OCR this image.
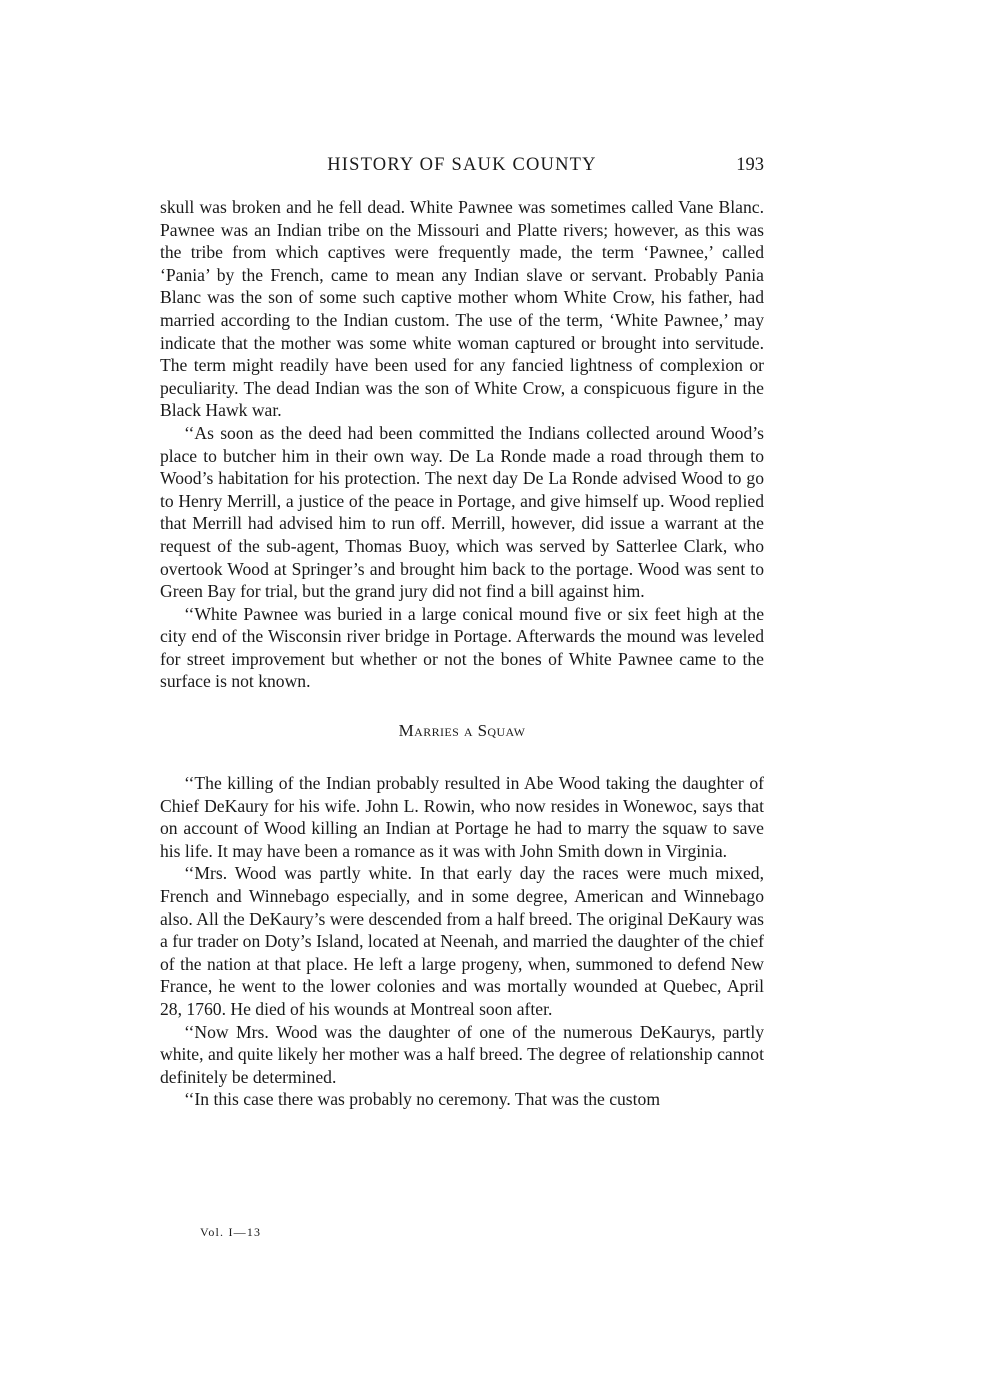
HISTORY OF SAUK COUNTY	193

skull was broken and he fell dead. White Pawnee was sometimes called Vane Blanc. Pawnee was an Indian tribe on the Missouri and Platte rivers; however, as this was the tribe from which captives were frequently made, the term ‘Pawnee,’ called ‘Pania’ by the French, came to mean any Indian slave or servant. Probably Pania Blanc was the son of some such captive mother whom White Crow, his father, had married according to the Indian custom. The use of the term, ‘White Pawnee,’ may indicate that the mother was some white woman captured or brought into servitude. The term might readily have been used for any fancied lightness of complexion or peculiarity. The dead Indian was the son of White Crow, a conspicuous figure in the Black Hawk war.

‘‘As soon as the deed had been committed the Indians collected around Wood’s place to butcher him in their own way. De La Ronde made a road through them to Wood’s habitation for his protection. The next day De La Ronde advised Wood to go to Henry Merrill, a justice of the peace in Portage, and give himself up. Wood replied that Merrill had advised him to run off. Merrill, however, did issue a warrant at the request of the sub-agent, Thomas Buoy, which was served by Satterlee Clark, who overtook Wood at Springer’s and brought him back to the portage. Wood was sent to Green Bay for trial, but the grand jury did not find a bill against him.

‘‘White Pawnee was buried in a large conical mound five or six feet high at the city end of the Wisconsin river bridge in Portage. Afterwards the mound was leveled for street improvement but whether or not the bones of White Pawnee came to the surface is not known.

Marries a Squaw

‘‘The killing of the Indian probably resulted in Abe Wood taking the daughter of Chief DeKaury for his wife. John L. Rowin, who now resides in Wonewoc, says that on account of Wood killing an Indian at Portage he had to marry the squaw to save his life. It may have been a romance as it was with John Smith down in Virginia.

‘‘Mrs. Wood was partly white. In that early day the races were much mixed, French and Winnebago especially, and in some degree, American and Winnebago also. All the DeKaury’s were descended from a half breed. The original DeKaury was a fur trader on Doty’s Island, located at Neenah, and married the daughter of the chief of the nation at that place. He left a large progeny, when, summoned to defend New France, he went to the lower colonies and was mortally wounded at Quebec, April 28, 1760. He died of his wounds at Montreal soon after.

‘‘Now Mrs. Wood was the daughter of one of the numerous DeKaurys, partly white, and quite likely her mother was a half breed. The degree of relationship cannot definitely be determined.

‘‘In this case there was probably no ceremony. That was the custom

Vol. I—13
